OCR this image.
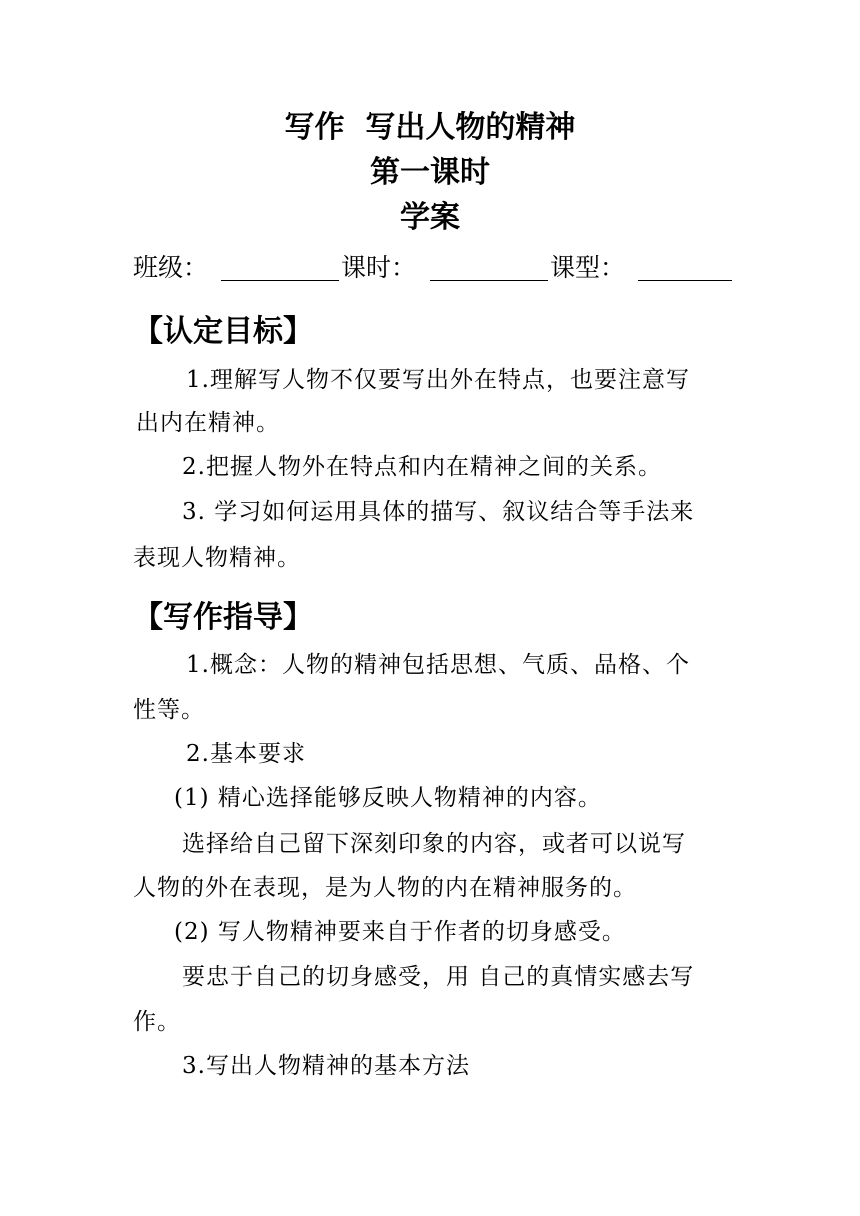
写作  写出人物的精神
第一课时
学案
班级：	课时：	课型：
【认定目标】
1.理解写人物不仅要写出外在特点，也要注意写
出内在精神。
2.把握人物外在特点和内在精神之间的关系。
3. 学习如何运用具体的描写、叙议结合等手法来
表现人物精神。
【写作指导】
1.概念：人物的精神包括思想、气质、品格、个
性等。
2.基本要求
(1) 精心选择能够反映人物精神的内容。
选择给自己留下深刻印象的内容，或者可以说写
人物的外在表现，是为人物的内在精神服务的。
(2) 写人物精神要来自于作者的切身感受。
要忠于自己的切身感受，用 自己的真情实感去写
作。
3.写出人物精神的基本方法
